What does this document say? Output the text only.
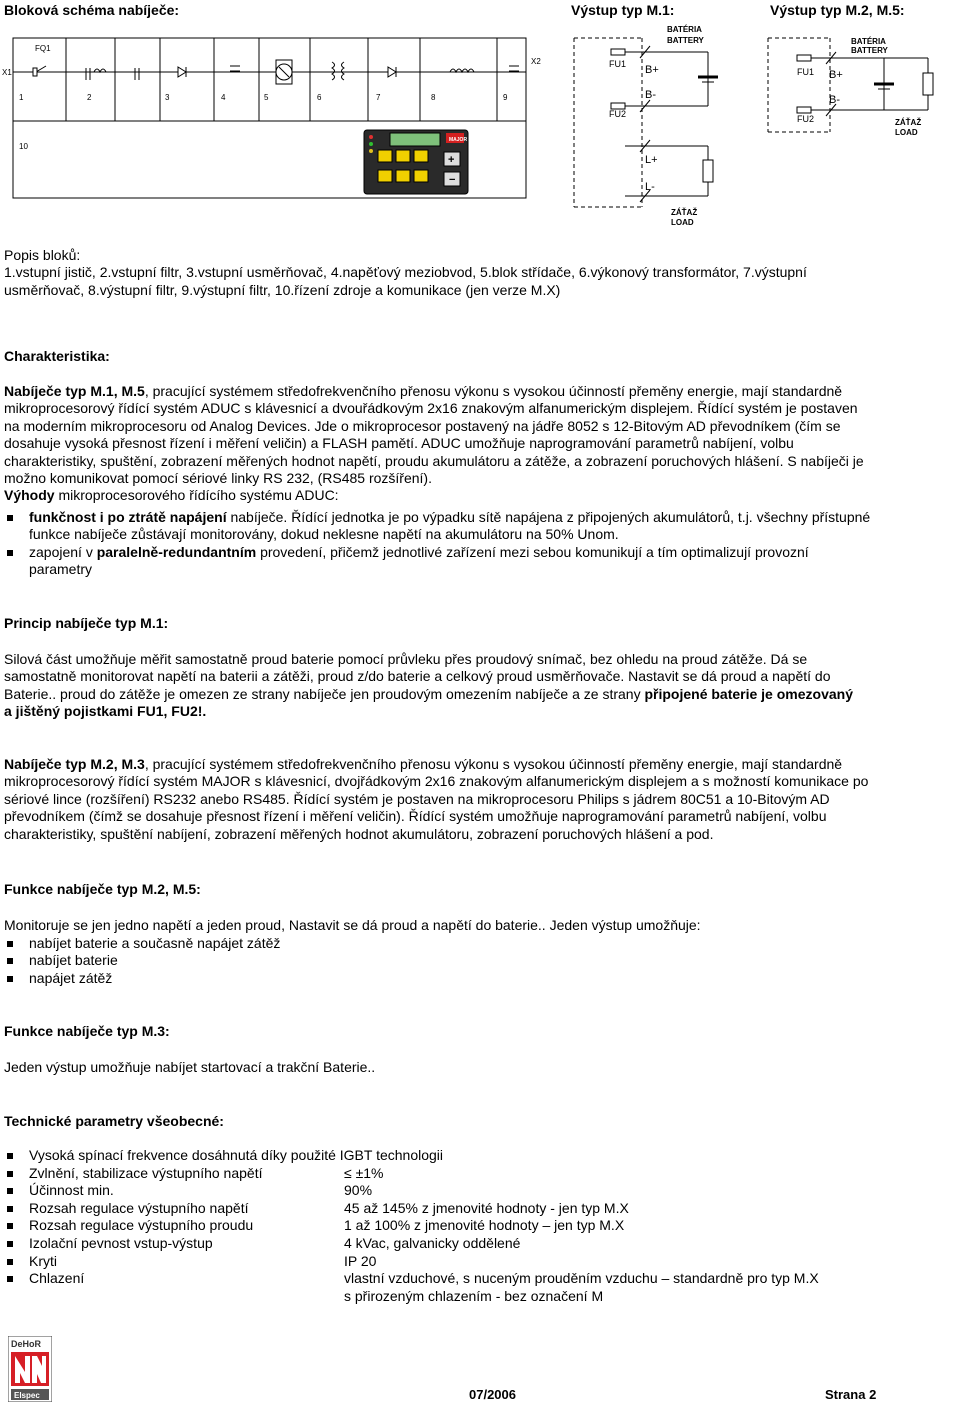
Bloková schéma nabíječe:	Výstup typ M.1:	Výstup typ M.2, M.5:
X1
X2
FQ1
1	2	3	4	5	6	7	8	9
10
MAJOR
+
−
FU1
FU2
B+
B-
BATÉRIA
BATTERY
L+
L-
ZÁŤAŽ
LOAD
FU1
FU2
B+
B-
BATÉRIA
BATTERY
ZÁŤAŽ
LOAD
Popis bloků:
1.vstupní jistič, 2.vstupní filtr, 3.vstupní usměrňovač, 4.napěťový meziobvod, 5.blok střídače, 6.výkonový transformátor, 7.výstupní
usměrňovač, 8.výstupní filtr, 9.výstupní filtr, 10.řízení zdroje a komunikace (jen verze M.X)
Charakteristika:
Nabíječe typ M.1, M.5, pracující systémem středofrekvenčního přenosu výkonu s vysokou účinností přeměny energie, mají standardně
mikroprocesorový řídící systém ADUC s klávesnicí a dvouřádkovým 2x16 znakovým alfanumerickým displejem. Řídící systém je postaven
na moderním mikroprocesoru od Analog Devices. Jde o mikroprocesor postavený na jádře 8052 s 12-Bitovým AD převodníkem (čím se
dosahuje vysoká přesnost řízení i měření veličin) a FLASH pamětí. ADUC umožňuje naprogramování parametrů nabíjení, volbu
charakteristiky, spuštění, zobrazení měřených hodnot napětí, proudu akumulátoru a zátěže, a zobrazení poruchových hlášení. S nabíječi je
možno komunikovat pomocí sériové linky RS 232, (RS485 rozšíření).
Výhody mikroprocesorového řídícího systému ADUC:
funkčnost i po ztrátě napájení nabíječe. Řídící jednotka je po výpadku sítě napájena z připojených akumulátorů, t.j. všechny přístupné
funkce nabíječe zůstávají monitorovány, dokud neklesne napětí na akumulátoru na 50% Unom.
zapojení v paralelně-redundantním provedení, přičemž jednotlivé zařízení mezi sebou komunikují a tím optimalizují provozní
parametry
Princip nabíječe typ M.1:
Silová část umožňuje měřit samostatně proud baterie pomocí průvleku přes proudový snímač, bez ohledu na proud zátěže. Dá se
samostatně monitorovat napětí na baterii a zátěži, proud z/do baterie a celkový proud usměrňovače. Nastavit se dá proud a napětí do
Baterie.. proud do zátěže je omezen ze strany nabíječe jen proudovým omezením nabíječe a ze strany připojené baterie je omezovaný
a jištěný pojistkami FU1, FU2!.
Nabíječe typ M.2, M.3, pracující systémem středofrekvenčního přenosu výkonu s vysokou účinností přeměny energie, mají standardně
mikroprocesorový řídící systém MAJOR s klávesnicí, dvojřádkovým 2x16 znakovým alfanumerickým displejem a s možností komunikace po
sériové lince (rozšíření) RS232 anebo RS485. Řídící systém je postaven na mikroprocesoru Philips s jádrem 80C51 a 10-Bitovým AD
převodníkem (čímž se dosahuje přesnost řízení i měření veličin). Řídící systém umožňuje naprogramování parametrů nabíjení, volbu
charakteristiky, spuštění nabíjení, zobrazení měřených hodnot akumulátoru, zobrazení poruchových hlášení a pod.
Funkce nabíječe typ M.2, M.5:
Monitoruje se jen jedno napětí a jeden proud, Nastavit se dá proud a napětí do baterie.. Jeden výstup umožňuje:
nabíjet baterie a současně napájet zátěž
nabíjet baterie
napájet zátěž
Funkce nabíječe typ M.3:
Jeden výstup umožňuje nabíjet startovací a trakční Baterie..
Technické parametry všeobecné:
Vysoká spínací frekvence dosáhnutá díky použité IGBT technologii
Zvlnění, stabilizace výstupního napětí	≤ ±1%
Účinnost min.	90%
Rozsah regulace výstupního napětí	45 až 145% z jmenovité hodnoty - jen typ M.X
Rozsah regulace výstupního proudu	1 až 100% z jmenovité hodnoty – jen typ M.X
Izolační pevnost vstup-výstup	4 kVac, galvanicky oddělené
Kryti	IP 20
Chlazení	vlastní vzduchové, s nuceným prouděním vzduchu – standardně pro typ M.X
s přirozeným chlazením - bez označení M
DeHoR
Elspec	07/2006	Strana 2
